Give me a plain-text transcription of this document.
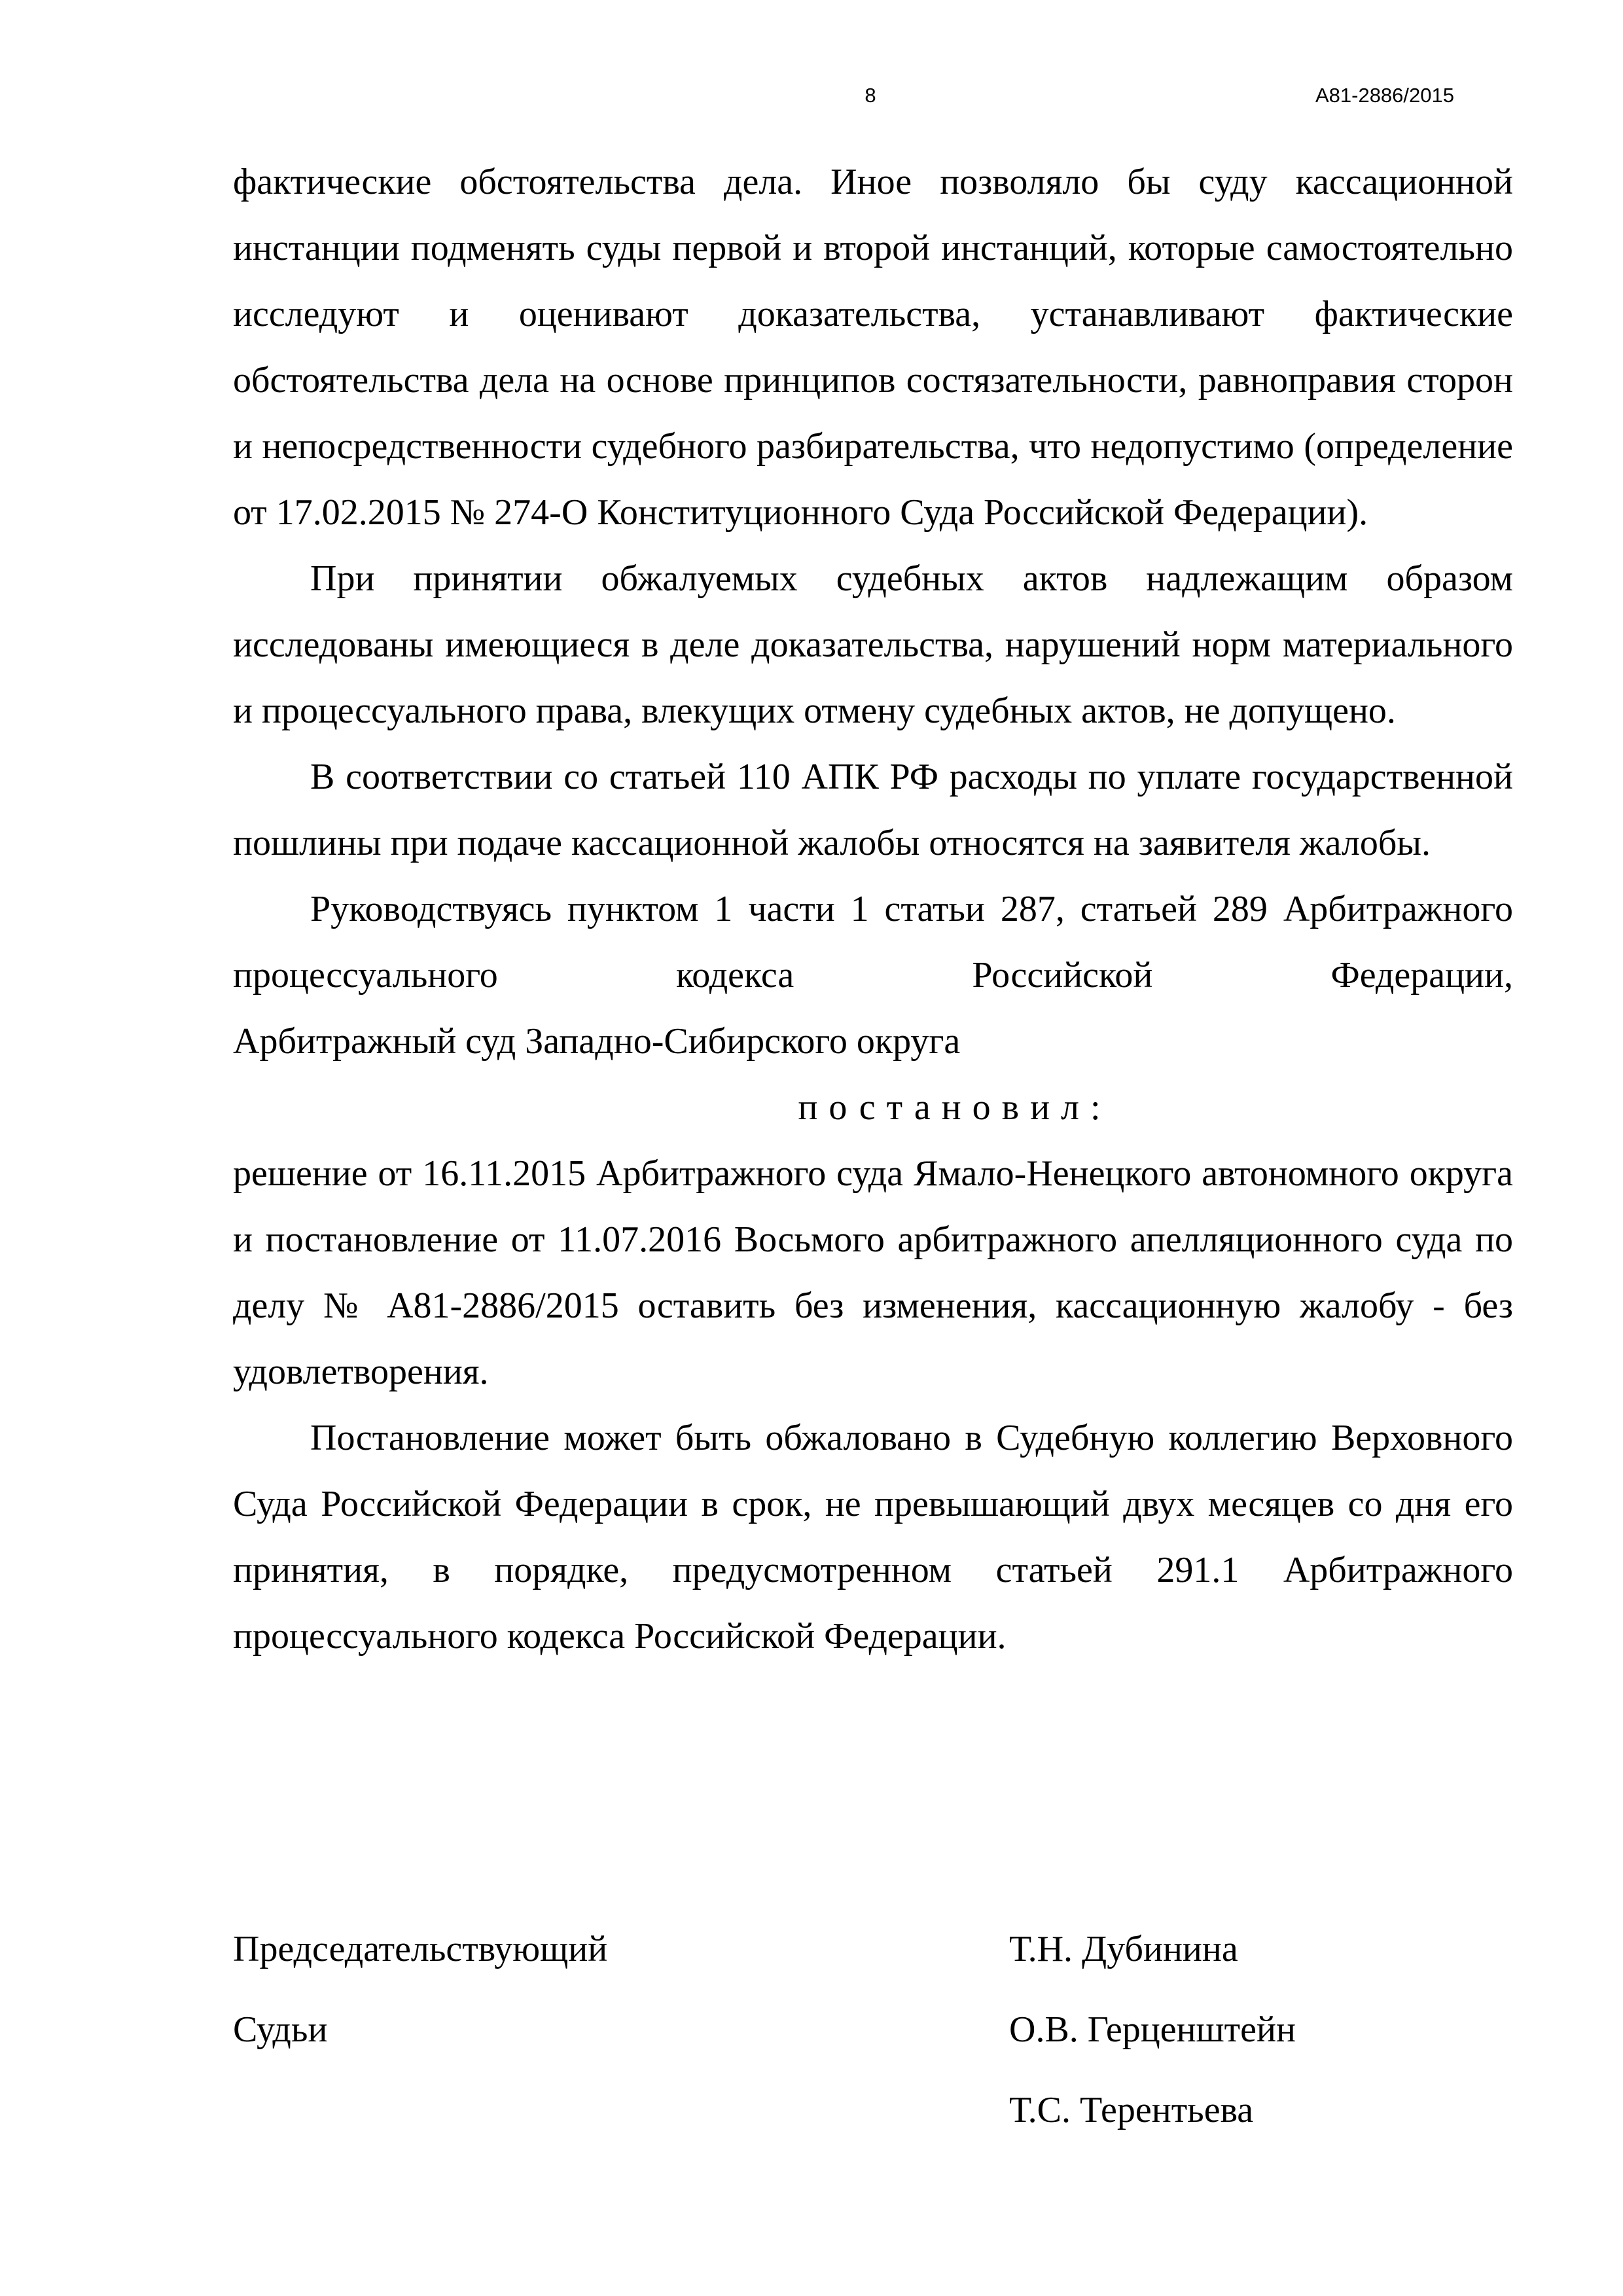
8	А81-2886/2015

фактические обстоятельства дела. Иное позволяло бы суду кассационной инстанции подменять суды первой и второй инстанций, которые самостоятельно исследуют и оценивают доказательства, устанавливают фактические обстоятельства дела на основе принципов состязательности, равноправия сторон и непосредственности судебного разбирательства, что недопустимо (определение от 17.02.2015 № 274-О Конституционного Суда Российской Федерации).

При принятии обжалуемых судебных актов надлежащим образом исследованы имеющиеся в деле доказательства, нарушений норм материального и процессуального права, влекущих отмену судебных актов, не допущено.

В соответствии со статьей 110 АПК РФ расходы по уплате государственной пошлины при подаче кассационной жалобы относятся на заявителя жалобы.

Руководствуясь пунктом 1 части 1 статьи 287, статьей 289 Арбитражного процессуального кодекса Российской Федерации,

Арбитражный суд Западно-Сибирского округа

постановил:

решение от 16.11.2015 Арбитражного суда Ямало-Ненецкого автономного округа и постановление от 11.07.2016 Восьмого арбитражного апелляционного суда по делу № А81-2886/2015 оставить без изменения, кассационную жалобу - без удовлетворения.

Постановление может быть обжаловано в Судебную коллегию Верховного Суда Российской Федерации в срок, не превышающий двух месяцев со дня его принятия, в порядке, предусмотренном статьей 291.1 Арбитражного процессуального кодекса Российской Федерации.

Председательствующий	Т.Н. Дубинина
Судьи	О.В. Герценштейн
Т.С. Терентьева
